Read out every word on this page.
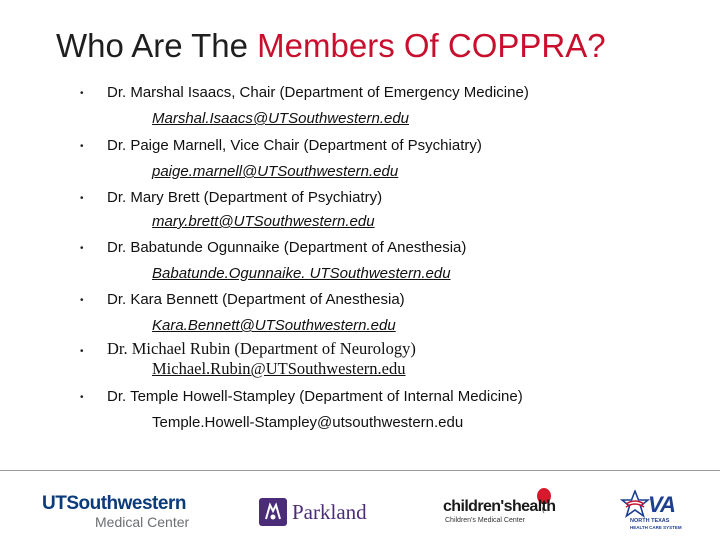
Who Are The Members Of COPPRA?
• Dr. Marshal Isaacs, Chair (Department of Emergency Medicine)
Marshal.Isaacs@UTSouthwestern.edu
• Dr. Paige Marnell, Vice Chair (Department of Psychiatry)
paige.marnell@UTSouthwestern.edu
• Dr. Mary Brett (Department of Psychiatry)
mary.brett@UTSouthwestern.edu
• Dr. Babatunde Ogunnaike (Department of Anesthesia)
Babatunde.Ogunnaike. UTSouthwestern.edu
• Dr. Kara Bennett (Department of Anesthesia)
Kara.Bennett@UTSouthwestern.edu
• Dr. Michael Rubin (Department of Neurology)
Michael.Rubin@UTSouthwestern.edu
• Dr. Temple Howell-Stampley (Department of Internal Medicine)
Temple.Howell-Stampley@utsouthwestern.edu
UTSouthwestern
Medical Center	Parkland	children'shealth
Children's Medical Center
VA
NORTH TEXAS
HEALTH CARE SYSTEM
